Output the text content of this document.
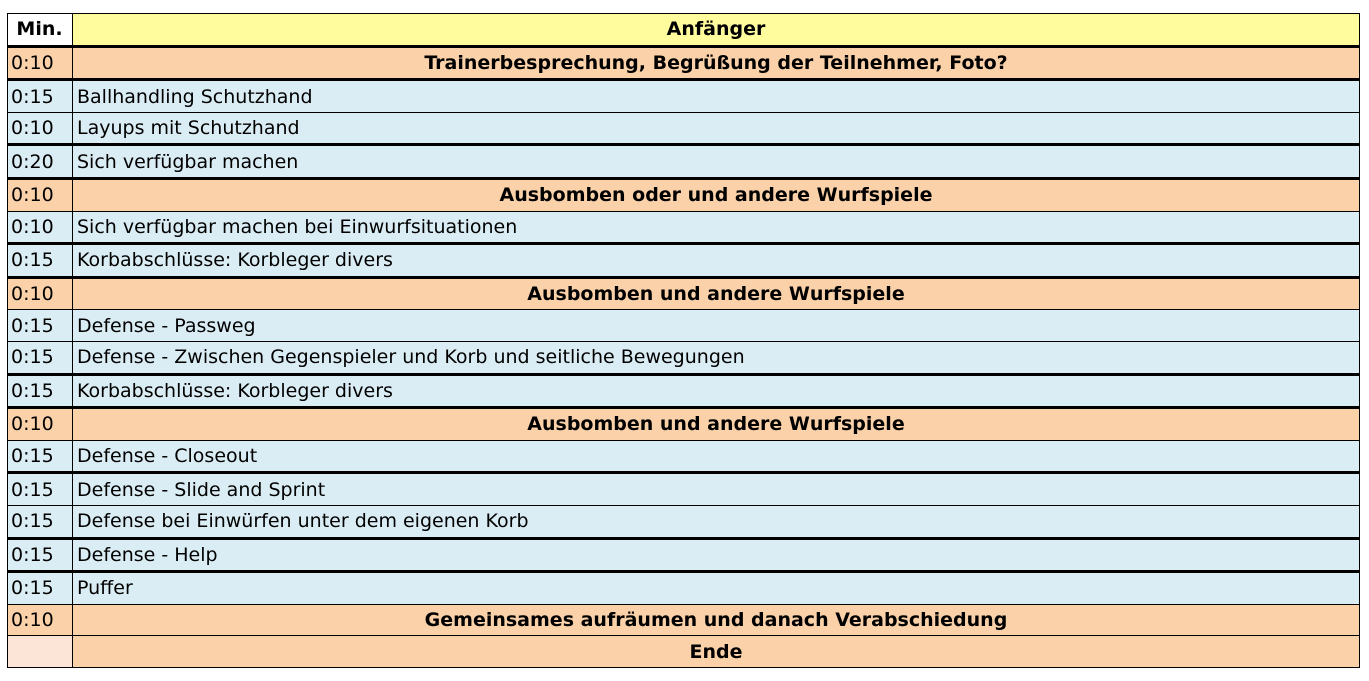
Min.	Anfänger
0:10	Trainerbesprechung, Begrüßung der Teilnehmer, Foto?
0:15	Ballhandling Schutzhand
0:10	Layups mit Schutzhand
0:20	Sich verfügbar machen
0:10	Ausbomben oder und andere Wurfspiele
0:10	Sich verfügbar machen bei Einwurfsituationen
0:15	Korbabschlüsse: Korbleger divers
0:10	Ausbomben und andere Wurfspiele
0:15	Defense - Passweg
0:15	Defense - Zwischen Gegenspieler und Korb und seitliche Bewegungen
0:15	Korbabschlüsse: Korbleger divers
0:10	Ausbomben und andere Wurfspiele
0:15	Defense - Closeout
0:15	Defense - Slide and Sprint
0:15	Defense bei Einwürfen unter dem eigenen Korb
0:15	Defense - Help
0:15	Puffer
0:10	Gemeinsames aufräumen und danach Verabschiedung
	Ende
